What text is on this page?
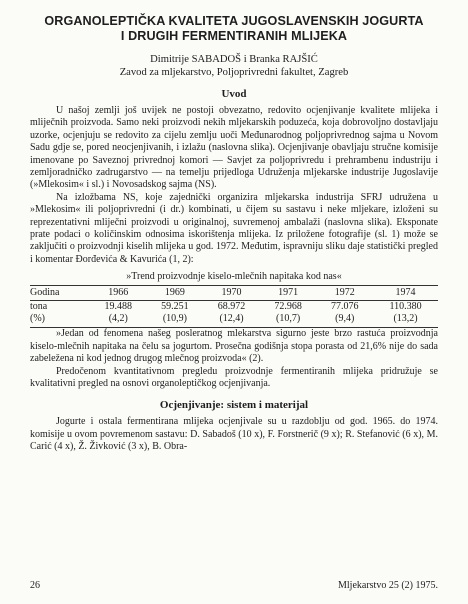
ORGANOLEPTIČKA KVALITETA JUGOSLAVENSKIH JOGURTA
I DRUGIH FERMENTIRANIH MLIJEKA
Dimitrije SABADOŠ i Branka RAJŠIĆ
Zavod za mljekarstvo, Poljoprivredni fakultet, Zagreb
Uvod

U našoj zemlji još uvijek ne postoji obvezatno, redovito ocjenjivanje kvalitete mlijeka i mliječnih proizvoda. Samo neki proizvodi nekih mljekarskih poduzeća, koja dobrovoljno dostavljaju uzorke, ocjenjuju se redovito za cijelu zemlju uoči Međunarodnog poljoprivrednog sajma u Novom Sadu gdje se, pored neocjenjivanih, i izlažu (naslovna slika). Ocjenjivanje obavljaju stručne komisije imenovane po Saveznoj privrednoj komori — Savjet za poljoprivredu i prehrambenu industriju i zemljoradničko zadrugarstvo — na temelju prijedloga Udruženja mljekarske industrije Jugoslavije (»Mlekosim« i sl.) i Novosadskog sajma (NS).

Na izložbama NS, koje zajednički organizira mljekarska industrija SFRJ udružena u »Mlekosim« ili poljoprivredni (i dr.) kombinati, u čijem su sastavu i neke mljekare, izloženi su reprezentativni mliječni proizvodi u originalnoj, suvremenoj ambalaži (naslovna slika). Eksponate prate podaci o količinskim odnosima iskorištenja mlijeka. Iz priložene fotografije (sl. 1) može se zaključiti o proizvodnji kiselih mlijeka u god. 1972. Međutim, ispravniju sliku daje statistički pregled i komentar Đorđevića & Kavurića (1, 2):

»Trend proizvodnje kiselo-mlečnih napitaka kod nas«
Godina	1966	1969	1970	1971	1972	1974
tona	19.488	59.251	68.972	72.968	77.076	110.380
(%)	(4,2)	(10,9)	(12,4)	(10,7)	(9,4)	(13,2)

»Jedan od fenomena našeg posleratnog mlekarstva sigurno jeste brzo rastuća proizvodnja kiselo-mlečnih napitaka na čelu sa jogurtom. Prosečna godišnja stopa porasta od 21,6% nije do sada zabeležena ni kod jednog drugog mlečnog proizvoda« (2).

Predočenom kvantitativnom pregledu proizvodnje fermentiranih mlijeka pridružuje se kvalitativni pregled na osnovi organoleptičkog ocjenjivanja.

Ocjenjivanje: sistem i materijal

Jogurte i ostala fermentirana mlijeka ocjenjivale su u razdoblju od god. 1965. do 1974. komisije u ovom povremenom sastavu: D. Sabadoš (10 x), F. Forstnerič (9 x); R. Stefanović (6 x), M. Carić (4 x), Ž. Živković (3 x), B. Obra-

26	Mljekarstvo 25 (2) 1975.
